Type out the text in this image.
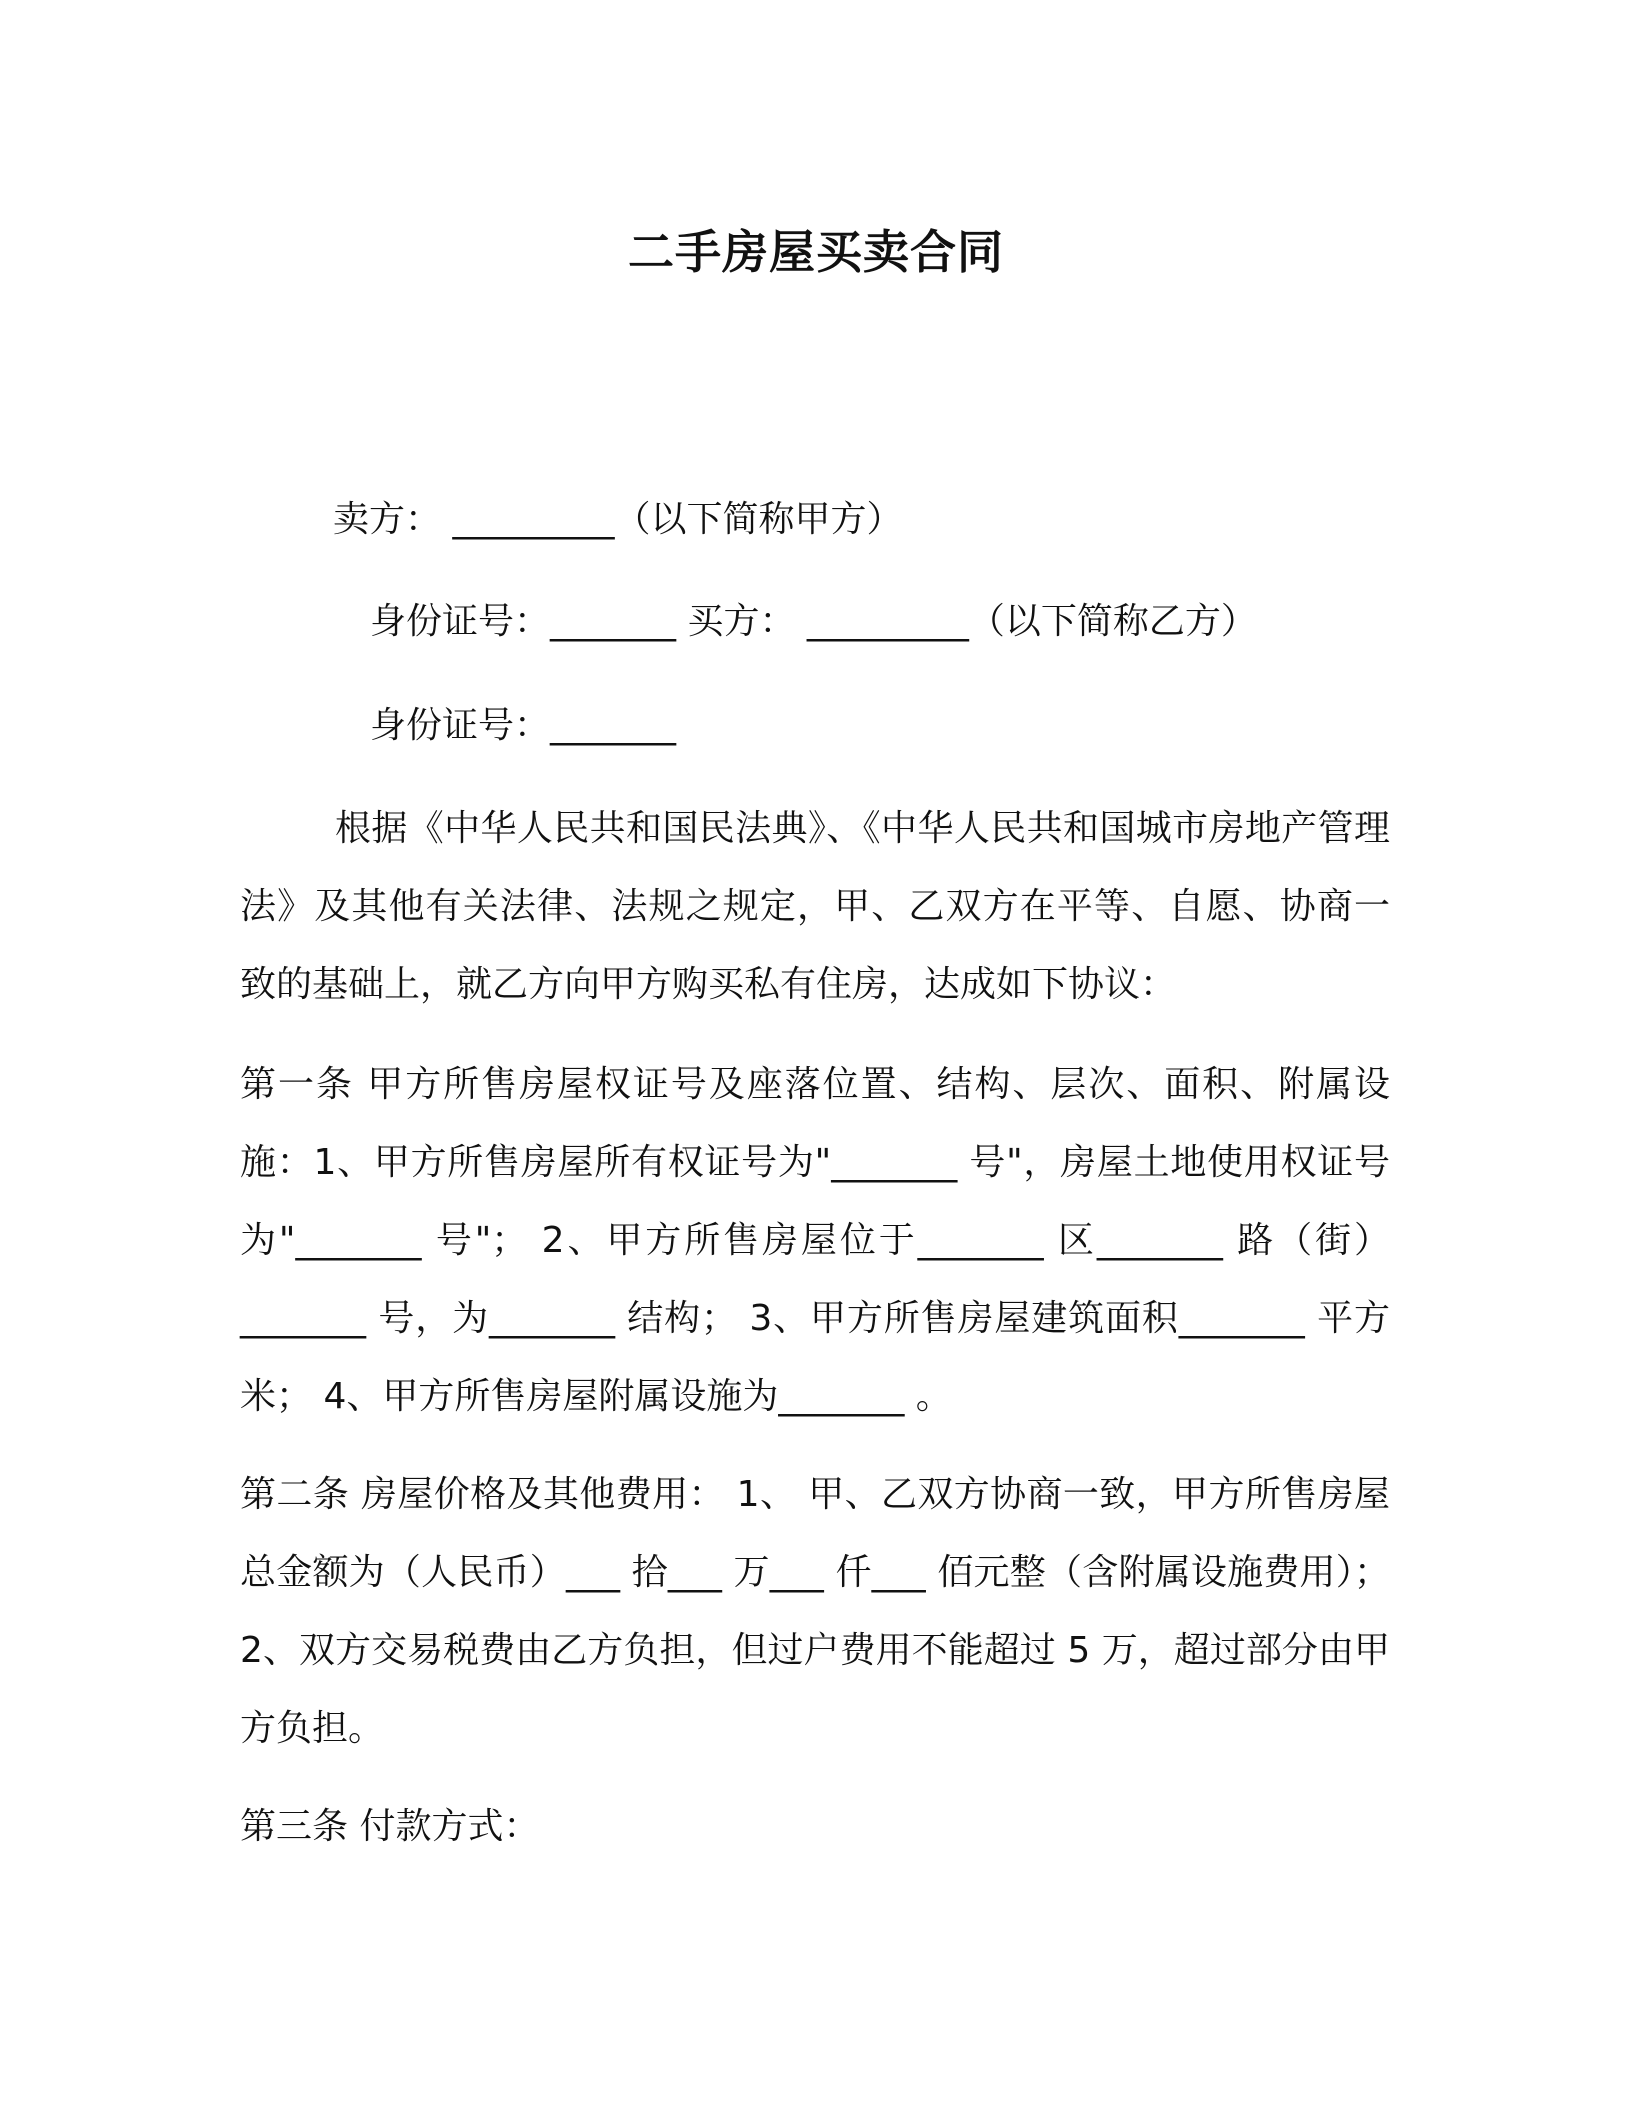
二手房屋买卖合同
卖方： _________（以下简称甲方）
身份证号：_______ 买方： _________（以下简称乙方）
身份证号：_______
根据《中华人民共和国民法典》、《中华人民共和国城市房地产管理法》及其他有关法律、法规之规定，甲、乙双方在平等、自愿、协商一致的基础上，就乙方向甲方购买私有住房，达成如下协议：
第一条 甲方所售房屋权证号及座落位置、结构、层次、面积、附属设施：1、甲方所售房屋所有权证号为"_______ 号"，房屋土地使用权证号为"_______ 号"； 2、甲方所售房屋位于_______ 区_______ 路（街）_______ 号，为_______ 结构； 3、甲方所售房屋建筑面积_______ 平方米； 4、甲方所售房屋附属设施为_______ 。
第二条 房屋价格及其他费用： 1、 甲、乙双方协商一致，甲方所售房屋总金额为（人民币）___ 拾___ 万___ 仟___ 佰元整（含附属设施费用）； 2、双方交易税费由乙方负担，但过户费用不能超过 5 万，超过部分由甲方负担。
第三条 付款方式：
